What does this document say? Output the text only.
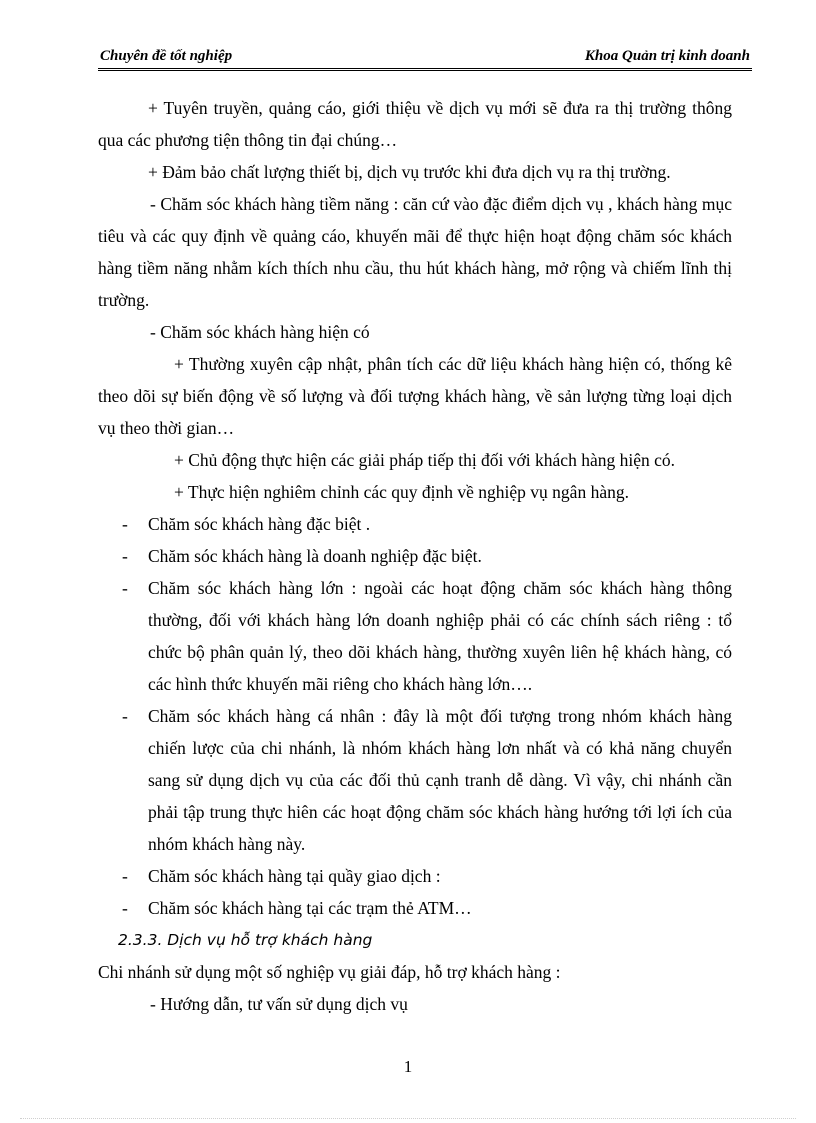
Chuyên đề tốt nghiệp	Khoa Quản trị kinh doanh

+ Tuyên truyền, quảng cáo, giới thiệu về dịch vụ mới sẽ đưa ra thị trường thông qua các phương tiện thông tin đại chúng…

+ Đảm bảo chất lượng thiết bị, dịch vụ trước khi đưa dịch vụ ra thị trường.

- Chăm sóc khách hàng tiềm năng : căn cứ vào đặc điểm dịch vụ , khách hàng mục tiêu và các quy định về quảng cáo, khuyến mãi để thực hiện hoạt động chăm sóc khách hàng tiềm năng nhằm kích thích nhu cầu, thu hút khách hàng, mở rộng và chiếm lĩnh thị trường.

- Chăm sóc khách hàng hiện có

+ Thường xuyên cập nhật, phân tích các dữ liệu khách hàng hiện có, thống kê theo dõi sự biến động về số lượng và đối tượng khách hàng, về sản lượng từng loại dịch vụ theo thời gian…

+ Chủ động thực hiện các giải pháp tiếp thị đối với khách hàng hiện có.

+ Thực hiện nghiêm chỉnh các quy định về nghiệp vụ ngân hàng.

- Chăm sóc khách hàng đặc biệt .

- Chăm sóc khách hàng là doanh nghiệp đặc biệt.

- Chăm sóc khách hàng lớn : ngoài các hoạt động chăm sóc khách hàng thông thường, đối với khách hàng lớn doanh nghiệp phải có các chính sách riêng : tổ chức bộ phân quản lý, theo dõi khách hàng, thường xuyên liên hệ khách hàng, có các hình thức khuyến mãi riêng cho khách hàng lớn….

- Chăm sóc khách hàng cá nhân : đây là một đối tượng trong nhóm khách hàng chiến lược của chi nhánh, là nhóm khách hàng lơn nhất và có khả năng chuyển sang sử dụng dịch vụ của các đối thủ cạnh tranh dễ dàng. Vì vậy, chi nhánh cần phải tập trung thực hiên các hoạt động chăm sóc khách hàng hướng tới lợi ích của nhóm khách hàng này.

- Chăm sóc khách hàng tại quầy giao dịch :

- Chăm sóc khách hàng tại các trạm thẻ ATM…

2.3.3. Dịch vụ hỗ trợ khách hàng

Chi nhánh sử dụng một số nghiệp vụ giải đáp, hỗ trợ khách hàng :

- Hướng dẫn, tư vấn sử dụng dịch vụ

1
